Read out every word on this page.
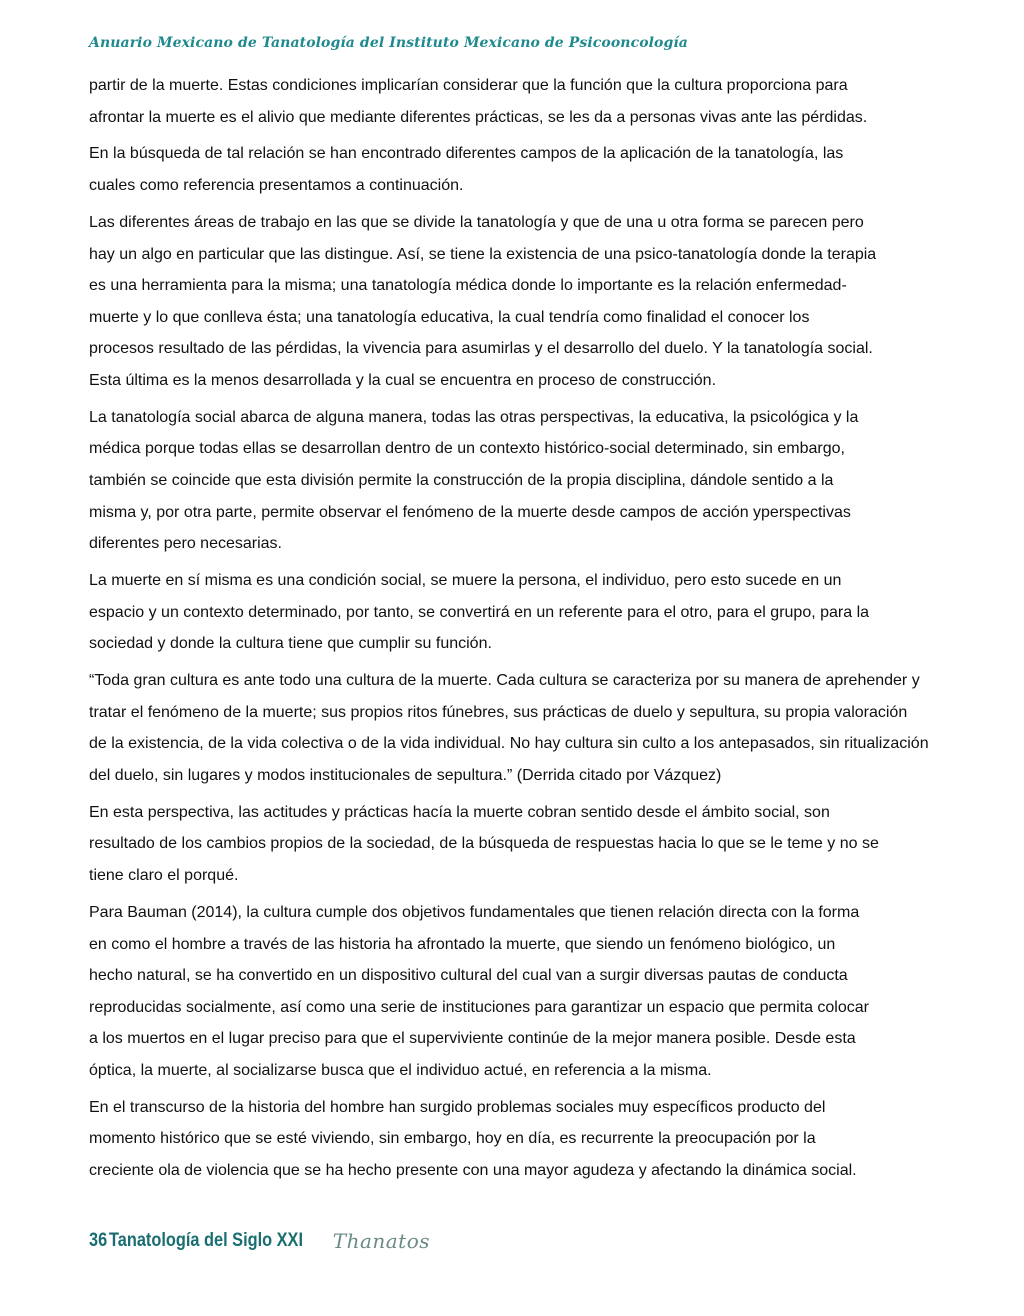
Anuario Mexicano de Tanatología del Instituto Mexicano de Psicooncología
partir de la muerte. Estas condiciones implicarían considerar que la función que la cultura proporciona para
afrontar la muerte es el alivio que mediante diferentes prácticas, se les da a personas vivas ante las pérdidas.
En la búsqueda de tal relación se han encontrado diferentes campos de la aplicación de la tanatología, las
cuales como referencia presentamos a continuación.
Las diferentes áreas de trabajo en las que se divide la tanatología y que de una u otra forma se parecen pero
hay un algo en particular que las distingue. Así, se tiene la existencia de una psico-tanatología donde la terapia
es una herramienta para la misma; una tanatología médica donde lo importante es la relación enfermedad-
muerte y lo que conlleva ésta; una tanatología educativa, la cual tendría como finalidad el conocer los
procesos resultado de las pérdidas, la vivencia para asumirlas y el desarrollo del duelo. Y la tanatología social.
Esta última es la menos desarrollada y la cual se encuentra en proceso de construcción.
La tanatología social abarca de alguna manera, todas las otras perspectivas, la educativa, la psicológica y la
médica porque todas ellas se desarrollan dentro de un contexto histórico-social determinado, sin embargo,
también se coincide que esta división permite la construcción de la propia disciplina, dándole sentido a la
misma y, por otra parte, permite observar el fenómeno de la muerte desde campos de acción yperspectivas
diferentes pero necesarias.
La muerte en sí misma es una condición social, se muere la persona, el individuo, pero esto sucede en un
espacio y un contexto determinado, por tanto, se convertirá en un referente para el otro, para el grupo, para la
sociedad y donde la cultura tiene que cumplir su función.
“Toda gran cultura es ante todo una cultura de la muerte. Cada cultura se caracteriza por su manera de aprehender y
tratar el fenómeno de la muerte; sus propios ritos fúnebres, sus prácticas de duelo y sepultura, su propia valoración
de la existencia, de la vida colectiva o de la vida individual. No hay cultura sin culto a los antepasados, sin ritualización
del duelo, sin lugares y modos institucionales de sepultura.” (Derrida citado por Vázquez)
En esta perspectiva, las actitudes y prácticas hacía la muerte cobran sentido desde el ámbito social, son
resultado de los cambios propios de la sociedad, de la búsqueda de respuestas hacia lo que se le teme y no se
tiene claro el porqué.
Para Bauman (2014), la cultura cumple dos objetivos fundamentales que tienen relación directa con la forma
en como el hombre a través de las historia ha afrontado la muerte, que siendo un fenómeno biológico, un
hecho natural, se ha convertido en un dispositivo cultural del cual van a surgir diversas pautas de conducta
reproducidas socialmente, así como una serie de instituciones para garantizar un espacio que permita colocar
a los muertos en el lugar preciso para que el superviviente continúe de la mejor manera posible. Desde esta
óptica, la muerte, al socializarse busca que el individuo actué, en referencia a la misma.
En el transcurso de la historia del hombre han surgido problemas sociales muy específicos producto del
momento histórico que se esté viviendo, sin embargo, hoy en día, es recurrente la preocupación por la
creciente ola de violencia que se ha hecho presente con una mayor agudeza y afectando la dinámica social.
36 Tanatología del Siglo XXI Thanatos
